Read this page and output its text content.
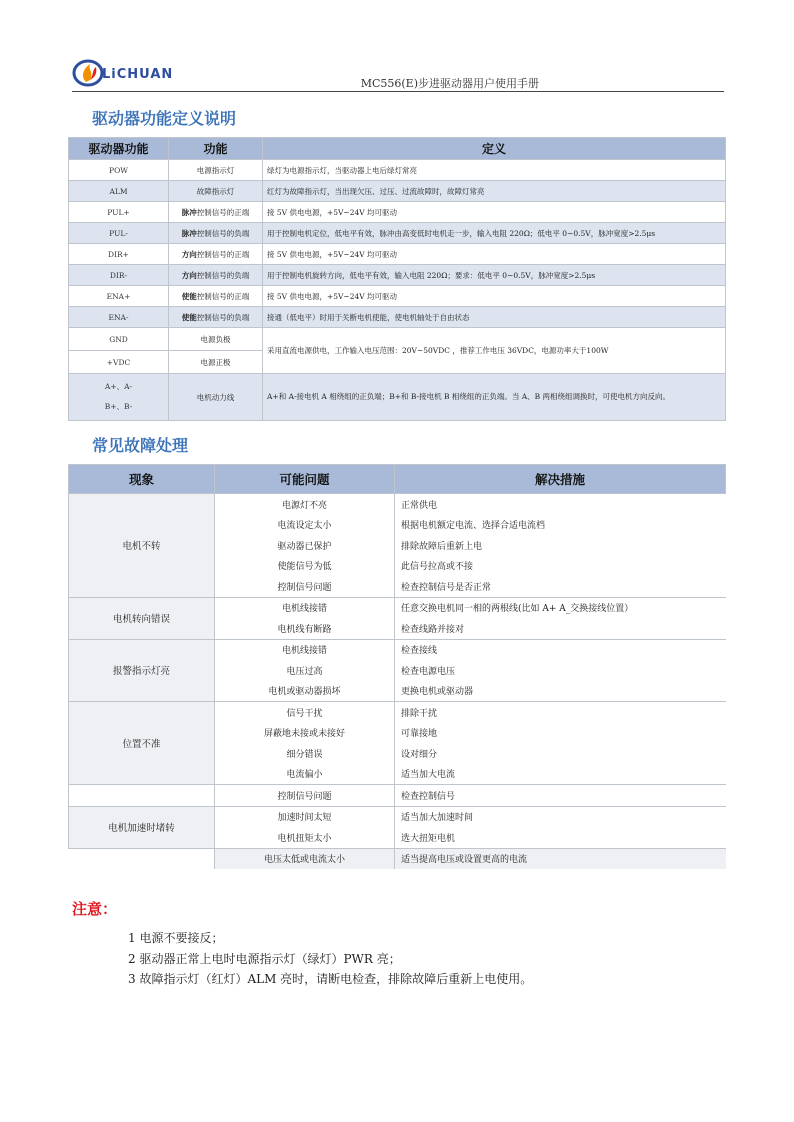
LiCHUAN
MC556(E)步进驱动器用户使用手册
驱动器功能定义说明
驱动器功能	功能	定义
POW	电源指示灯	绿灯为电源指示灯，当驱动器上电后绿灯常亮
ALM	故障指示灯	红灯为故障指示灯，当出现欠压、过压、过流故障时，故障灯常亮
PUL+	脉冲控制信号的正端	接 5V 供电电源，+5V~24V 均可驱动
PUL-	脉冲控制信号的负端	用于控制电机定位，低电平有效，脉冲由高变低时电机走一步，输入电阻 220Ω；低电平 0~0.5V，脉冲宽度>2.5μs
DIR+	方向控制信号的正端	接 5V 供电电源，+5V~24V 均可驱动
DIR-	方向控制信号的负端	用于控制电机旋转方向，低电平有效，输入电阻 220Ω；要求：低电平 0~0.5V，脉冲宽度>2.5μs
ENA+	使能控制信号的正端	接 5V 供电电源，+5V~24V 均可驱动
ENA-	使能控制信号的负端	接通（低电平）时用于关断电机使能，使电机轴处于自由状态
GND	电源负极	采用直流电源供电，工作输入电压范围：20V~50VDC ，推荐工作电压 36VDC，电源功率大于100W
+VDC	电源正极	
A+、A-
B+、B-	电机动力线	A+和 A-接电机 A 相绕组的正负端；B+和 B-接电机 B 相绕组的正负端。当 A、B 两相绕组调换时，可使电机方向反向。
常见故障处理
现象	可能问题	解决措施
电机不转	电源灯不亮	正常供电
	电流设定太小	根据电机额定电流、选择合适电流档
	驱动器已保护	排除故障后重新上电
	使能信号为低	此信号拉高或不接
	控制信号问题	检查控制信号是否正常
电机转向错误	电机线接错	任意交换电机同一相的两根线(比如 A+ A_交换接线位置）
	电机线有断路	检查线路并接对
报警指示灯亮	电机线接错	检查接线
	电压过高	检查电源电压
	电机或驱动器损坏	更换电机或驱动器
位置不准	信号干扰	排除干扰
	屏蔽地未接或未接好	可靠接地
	细分错误	设对细分
	电流偏小	适当加大电流
	控制信号问题	检查控制信号
电机加速时堵转	加速时间太短	适当加大加速时间
	电机扭矩太小	选大扭矩电机
	电压太低或电流太小	适当提高电压或设置更高的电流
注意：
1 电源不要接反；
2 驱动器正常上电时电源指示灯（绿灯）PWR 亮；
3 故障指示灯（红灯）ALM 亮时，请断电检查，排除故障后重新上电使用。
